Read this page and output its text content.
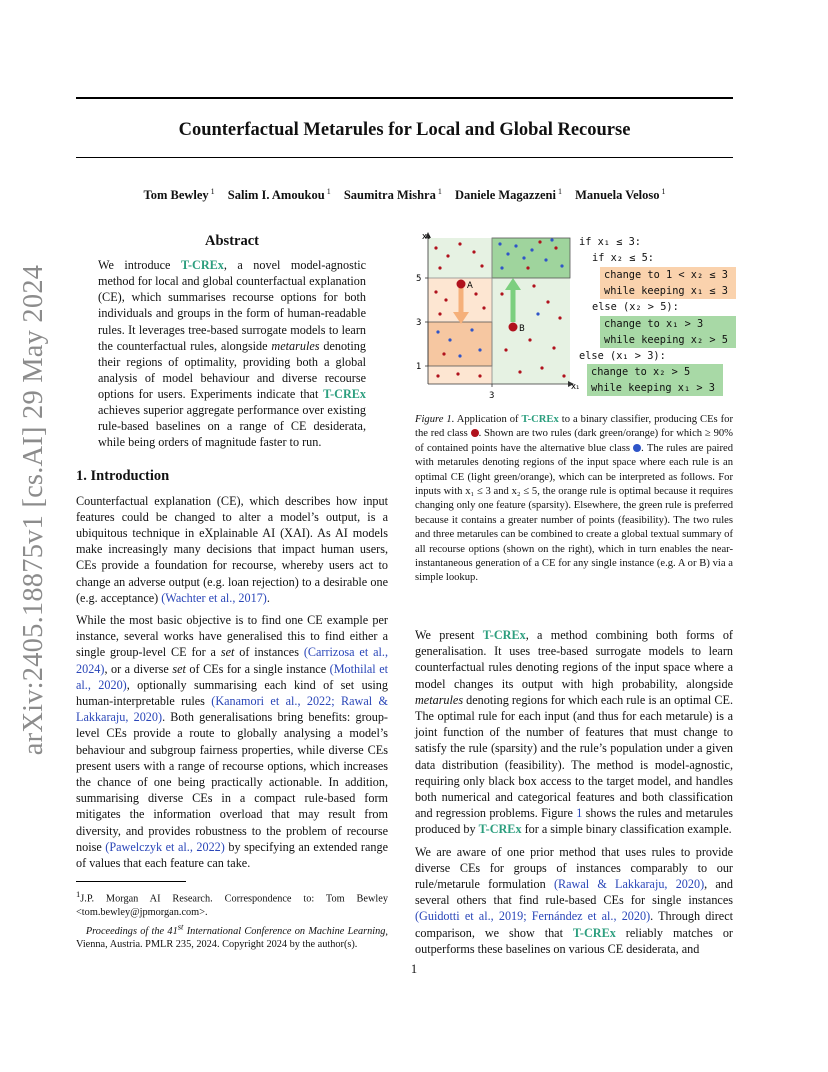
arXiv:2405.18875v1 [cs.AI] 29 May 2024
Counterfactual Metarules for Local and Global Recourse
Tom Bewley $^1$ Salim I. Amoukou $^1$ Saumitra Mishra $^1$ Daniele Magazzeni $^1$ Manuela Veloso $^1$
Abstract

We introduce T-CREx, a novel model-agnostic method for local and global counterfactual explanation (CE), which summarises recourse options for both individuals and groups in the form of human-readable rules. It leverages tree-based surrogate models to learn the counterfactual rules, alongside metarules denoting their regions of optimality, providing both a global analysis of model behaviour and diverse recourse options for users. Experiments indicate that T-CREx achieves superior aggregate performance over existing rule-based baselines on a range of CE desiderata, while being orders of magnitude faster to run.

1. Introduction

Counterfactual explanation (CE), which describes how input features could be changed to alter a model’s output, is a ubiquitous technique in eXplainable AI (XAI). As AI models make increasingly many decisions that impact human users, CEs provide a foundation for recourse, whereby users act to change an adverse output (e.g. loan rejection) to a desirable one (e.g. acceptance) (Wachter et al., 2017).

While the most basic objective is to find one CE example per instance, several works have generalised this to find either a single group-level CE for a set of instances (Carrizosa et al., 2024), or a diverse set of CEs for a single instance (Mothilal et al., 2020), optionally summarising each kind of set using human-interpretable rules (Kanamori et al., 2022; Rawal & Lakkaraju, 2020). Both generalisations bring benefits: group-level CEs provide a route to globally analysing a model’s behaviour and subgroup fairness properties, while diverse CEs present users with a range of recourse options, which increases the chance of one being practically actionable. In addition, summarising diverse CEs in a compact rule-based form mitigates the information overload that may result from diversity, and provides robustness to the problem of recourse noise (Pawelczyk et al., 2022) by specifying an extended range of values that each feature can take.

$^1$J.P. Morgan AI Research. Correspondence to: Tom Bewley <tom.bewley@jpmorgan.com>.

Proceedings of the 41st International Conference on Machine Learning, Vienna, Austria. PMLR 235, 2024. Copyright 2024 by the author(s).

A
B
x₂
x₁
5
3
1
3
if x₁ ≤ 3:
if x₂ ≤ 5:
change to 1 < x₂ ≤ 3
while keeping x₁ ≤ 3
else (x₂ > 5):
change to x₁ > 3
while keeping x₂ > 5
else (x₁ > 3):
change to x₂ > 5
while keeping x₁ > 3
Figure 1. Application of T-CREx to a binary classifier, producing CEs for the red class . Shown are two rules (dark green/orange) for which ≥ 90% of contained points have the alternative blue class . The rules are paired with metarules denoting regions of the input space where each rule is an optimal CE (light green/orange), which can be interpreted as follows. For inputs with x₁ ≤ 3 and x₂ ≤ 5, the orange rule is optimal because it requires changing only one feature (sparsity). Elsewhere, the green rule is preferred because it contains a greater number of points (feasibility). The two rules and three metarules can be combined to create a global textual summary of all recourse options (shown on the right), which in turn enables the near-instantaneous generation of a CE for any single instance (e.g. A or B) via a simple lookup.

We present T-CREx, a method combining both forms of generalisation. It uses tree-based surrogate models to learn counterfactual rules denoting regions of the input space where a model changes its output with high probability, alongside metarules denoting regions for which each rule is an optimal CE. The optimal rule for each input (and thus for each metarule) is a joint function of the number of features that must change to satisfy the rule (sparsity) and the rule’s population under a given data distribution (feasibility). The method is model-agnostic, requiring only black box access to the target model, and handles both numerical and categorical features and both classification and regression problems. Figure 1 shows the rules and metarules produced by T-CREx for a simple binary classification example.

We are aware of one prior method that uses rules to provide diverse CEs for groups of instances comparably to our rule/metarule formulation (Rawal & Lakkaraju, 2020), and several others that find rule-based CEs for single instances (Guidotti et al., 2019; Fernández et al., 2020). Through direct comparison, we show that T-CREx reliably matches or outperforms these baselines on various CE desiderata, and

1
